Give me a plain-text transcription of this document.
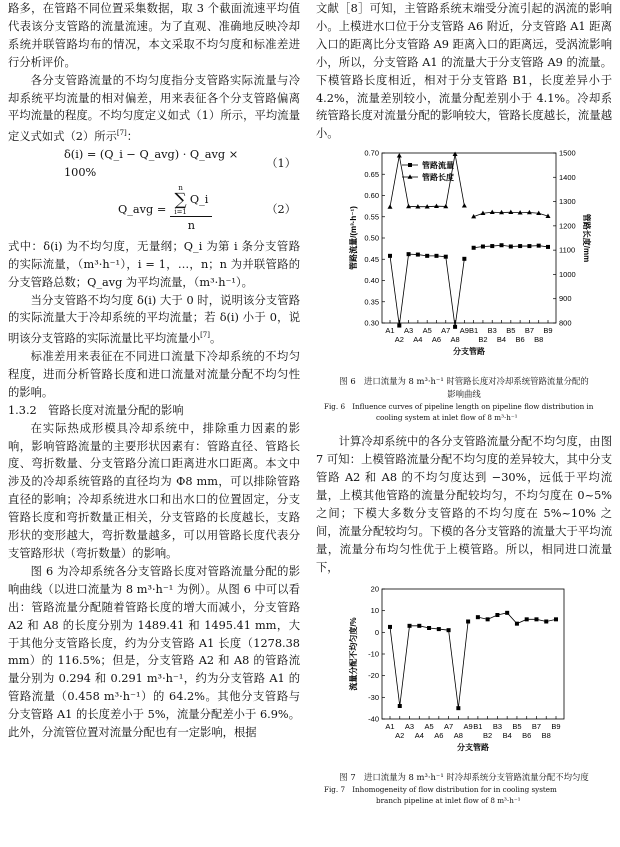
路多，在管路不同位置采集数据，取 3 个截面流速平均值代表该分支管路的流量流速。为了直观、准确地反映冷却系统并联管路均布的情况，本文采取不均匀度和标准差进行分析评价。

各分支管路流量的不均匀度指分支管路实际流量与冷却系统平均流量的相对偏差，用来表征各个分支管路偏离平均流量的程度。不均匀度定义如式（1）所示，平均流量定义式如式（2）所示[7]：

δ(i) = (Q_i − Q_avg) · Q_avg × 100%
（1）
Q_avg = n
∑
i=1
Q_i
n	（2）

式中：δ(i) 为不均匀度，无量纲；Q_i 为第 i 条分支管路的实际流量，（m³·h⁻¹），i = 1，…，n；n 为并联管路的分支管路总数；Q_avg 为平均流量，（m³·h⁻¹）。

当分支管路不均匀度 δ(i) 大于 0 时，说明该分支管路的实际流量大于冷却系统的平均流量；若 δ(i) 小于 0，说明该分支管路的实际流量比平均流量小[7]。

标准差用来表征在不同进口流量下冷却系统的不均匀程度，进而分析管路长度和进口流量对流量分配不均匀性的影响。

1.3.2　管路长度对流量分配的影响

在实际热成形模具冷却系统中，排除重力因素的影响，影响管路流量的主要形状因素有：管路直径、管路长度、弯折数量、分支管路分流口距离进水口距离。本文中涉及的冷却系统管路的直径均为 Φ8 mm，可以排除管路直径的影响；冷却系统进水口和出水口的位置固定，分支管路长度和弯折数量正相关，分支管路的长度越长，支路形状的变形越大，弯折数量越多，可以用管路长度代表分支管路形状（弯折数量）的影响。

图 6 为冷却系统各分支管路长度对管路流量分配的影响曲线（以进口流量为 8 m³·h⁻¹ 为例）。从图 6 中可以看出：管路流量分配随着管路长度的增大而减小，分支管路 A2 和 A8 的长度分别为 1489.41 和 1495.41 mm，大于其他分支管路长度，约为分支管路 A1 长度（1278.38 mm）的 116.5%；但是，分支管路 A2 和 A8 的管路流量分别为 0.294 和 0.291 m³·h⁻¹，约为分支管路 A1 的管路流量（0.458 m³·h⁻¹）的 64.2%。其他分支管路与分支管路 A1 的长度差小于 5%，流量分配差小于 6.9%。此外，分流管位置对流量分配也有一定影响，根据

文献［8］可知，主管路系统末端受分流引起的涡流的影响小。上模进水口位于分支管路 A6 附近，分支管路 A1 距离入口的距离比分支管路 A9 距离入口的距离远，受涡流影响小，所以，分支管路 A1 的流量大于分支管路 A9 的流量。下模管路长度相近，相对于分支管路 B1，长度差异小于 4.2%，流量差别较小，流量分配差别小于 4.1%。冷却系统管路长度对流量分配的影响较大，管路长度越长，流量越小。

0.30
0.35
0.40
0.45
0.50
0.55
0.60
0.65
0.70
800
900
1000
1100
1200
1300
1400
1500
A1 A3 A5 A7 A9 B1 B3 B5 B7 B9
A2 A4 A6 A8 B2 B4 B6 B8
分支管路
管路流量/(m³·h⁻¹)	管路长度/mm
管路流量
管路长度
图 6　进口流量为 8 m³·h⁻¹ 时管路长度对冷却系统管路流量分配的影响曲线
Fig. 6　Influence curves of pipeline length on pipeline flow distribution in
cooling system at inlet flow of 8 m³·h⁻¹

计算冷却系统中的各分支管路流量分配不均匀度，由图 7 可知：上模管路流量分配不均匀度的差异较大，其中分支管路 A2 和 A8 的不均匀度达到 −30%，远低于平均流量，上模其他管路的流量分配较均匀，不均匀度在 0~5% 之间；下模大多数分支管路的不均匀度在 5%~10% 之间，流量分配较均匀。下模的各分支管路的流量大于平均流量，流量分布均匀性优于上模管路。所以，相同进口流量下，

-40
-30
-20
-10
0
10
20
A1 A3 A5 A7 A9 B1 B3 B5 B7 B9
A2 A4 A6 A8	B2 B4 B6 B8
分支管路
流量分配不均匀度/%
图 7　进口流量为 8 m³·h⁻¹ 时冷却系统分支管路流量分配不均匀度
Fig. 7　Inhomogeneity of flow distribution for in cooling system
branch pipeline at inlet flow of 8 m³·h⁻¹
